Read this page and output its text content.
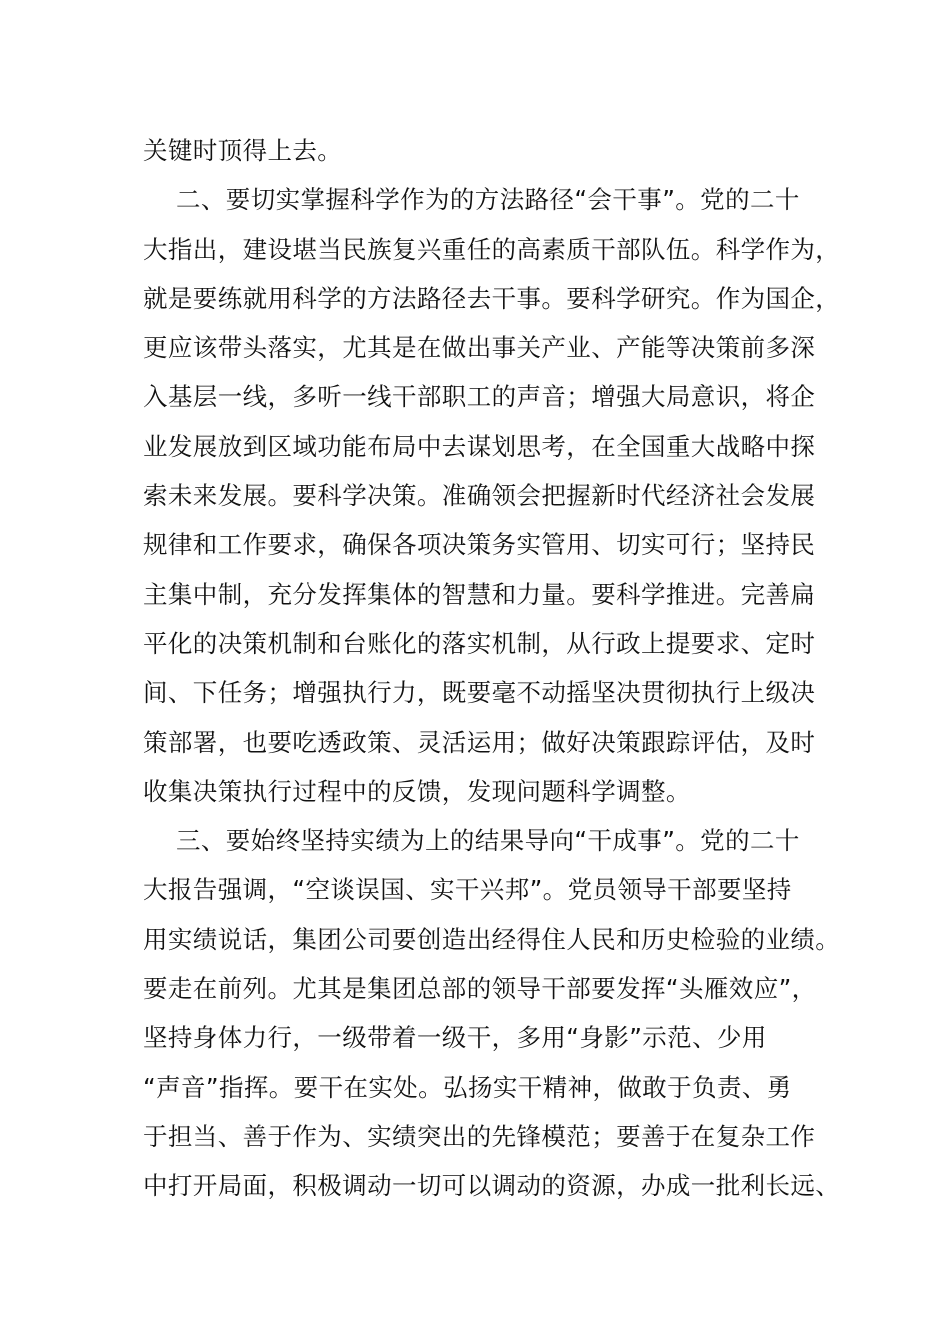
关键时顶得上去。
二、要切实掌握科学作为的方法路径“会干事”。党的二十
大指出，建设堪当民族复兴重任的高素质干部队伍。科学作为，
就是要练就用科学的方法路径去干事。要科学研究。作为国企，
更应该带头落实，尤其是在做出事关产业、产能等决策前多深
入基层一线，多听一线干部职工的声音；增强大局意识，将企
业发展放到区域功能布局中去谋划思考，在全国重大战略中探
索未来发展。要科学决策。准确领会把握新时代经济社会发展
规律和工作要求，确保各项决策务实管用、切实可行；坚持民
主集中制，充分发挥集体的智慧和力量。要科学推进。完善扁
平化的决策机制和台账化的落实机制，从行政上提要求、定时
间、下任务；增强执行力，既要毫不动摇坚决贯彻执行上级决
策部署，也要吃透政策、灵活运用；做好决策跟踪评估，及时
收集决策执行过程中的反馈，发现问题科学调整。
三、要始终坚持实绩为上的结果导向“干成事”。党的二十
大报告强调，“空谈误国、实干兴邦”。党员领导干部要坚持
用实绩说话，集团公司要创造出经得住人民和历史检验的业绩。
要走在前列。尤其是集团总部的领导干部要发挥“头雁效应”，
坚持身体力行，一级带着一级干，多用“身影”示范、少用
“声音”指挥。要干在实处。弘扬实干精神，做敢于负责、勇
于担当、善于作为、实绩突出的先锋模范；要善于在复杂工作
中打开局面，积极调动一切可以调动的资源，办成一批利长远、
